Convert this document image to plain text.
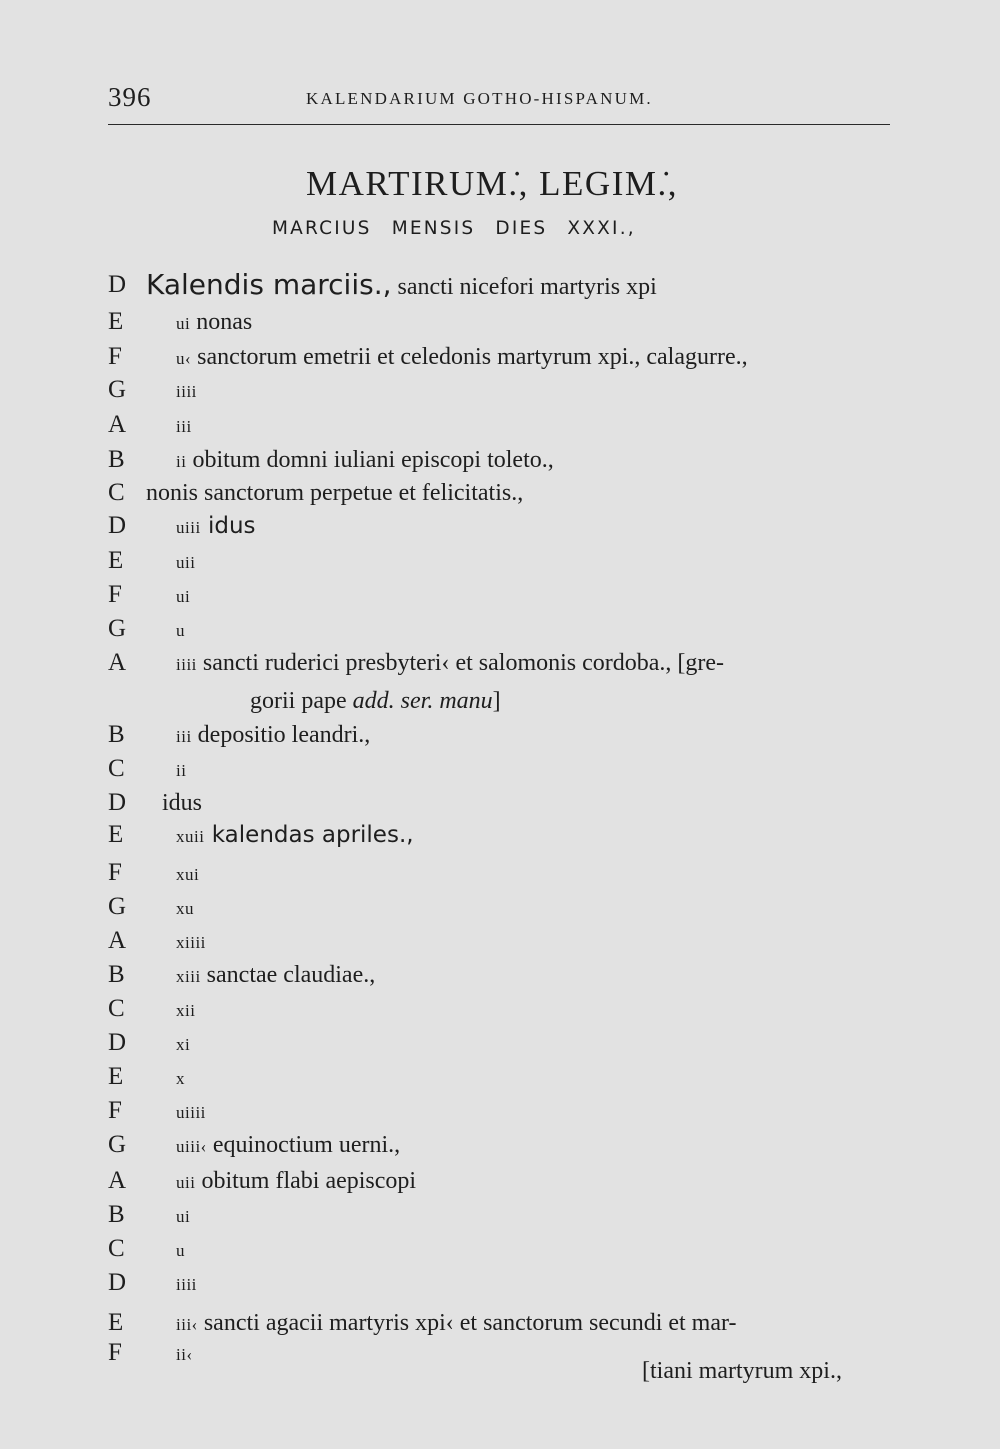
396	KALENDARIUM GOTHO-HISPANUM.
MARTIRUM.̇, LEGIM.̇,
MARCIUS MENSIS DIES XXXI.,
D Kalendis marciis., sancti nicefori martyris xpi
E	ui nonas
F	u‹ sanctorum emetrii et celedonis martyrum xpi., calagurre.,
G	iiii
A	iii
B	ii obitum domni iuliani episcopi toleto.,
C nonis sanctorum perpetue et felicitatis.,
D	uiii idus
E	uii
F	ui
G	u
A	iiii sancti ruderici presbyteri‹ et salomonis cordoba., [gre-
B	iii depositio leandri.,
C	ii
D idus
E	xuii kalendas apriles.,
F	xui
G	xu
A	xiiii
B	xiii sanctae claudiae.,
C	xii
D	xi
E	x
F	uiiii
G	uiii‹ equinoctium uerni.,
A	uii obitum flabi aepiscopi
B	ui
C	u
D	iiii
E	iii‹ sancti agacii martyris xpi‹ et sanctorum secundi et mar-
F	ii‹
gorii pape add. ser. manu]
[tiani martyrum xpi.,
